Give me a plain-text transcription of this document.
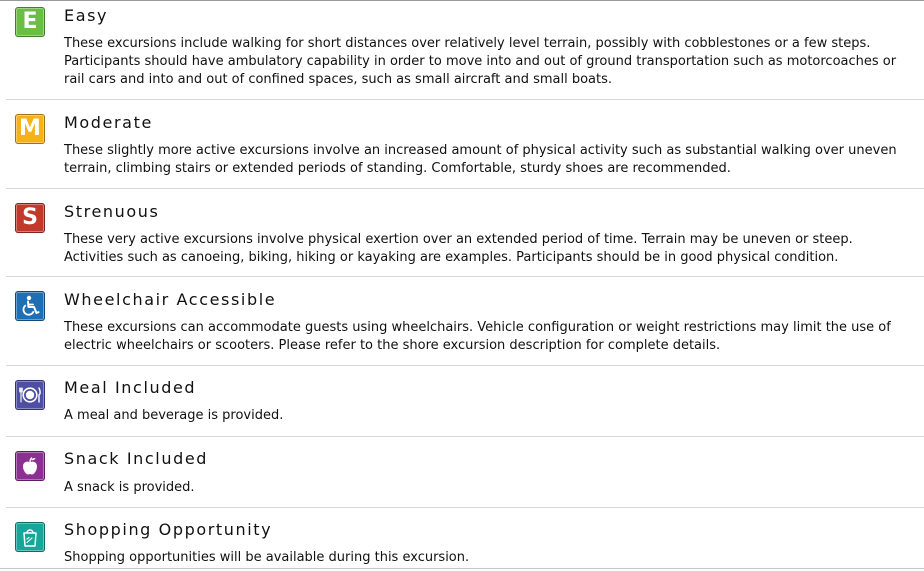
E Easy
These excursions include walking for short distances over relatively level terrain, possibly with cobblestones or a few steps. Participants should have ambulatory capability in order to move into and out of ground transportation such as motorcoaches or rail cars and into and out of confined spaces, such as small aircraft and small boats.
M Moderate
These slightly more active excursions involve an increased amount of physical activity such as substantial walking over uneven terrain, climbing stairs or extended periods of standing. Comfortable, sturdy shoes are recommended.
S Strenuous
These very active excursions involve physical exertion over an extended period of time. Terrain may be uneven or steep. Activities such as canoeing, biking, hiking or kayaking are examples. Participants should be in good physical condition.
Wheelchair Accessible
These excursions can accommodate guests using wheelchairs. Vehicle configuration or weight restrictions may limit the use of electric wheelchairs or scooters. Please refer to the shore excursion description for complete details.
Meal Included
A meal and beverage is provided.
Snack Included
A snack is provided.
Shopping Opportunity
Shopping opportunities will be available during this excursion.
